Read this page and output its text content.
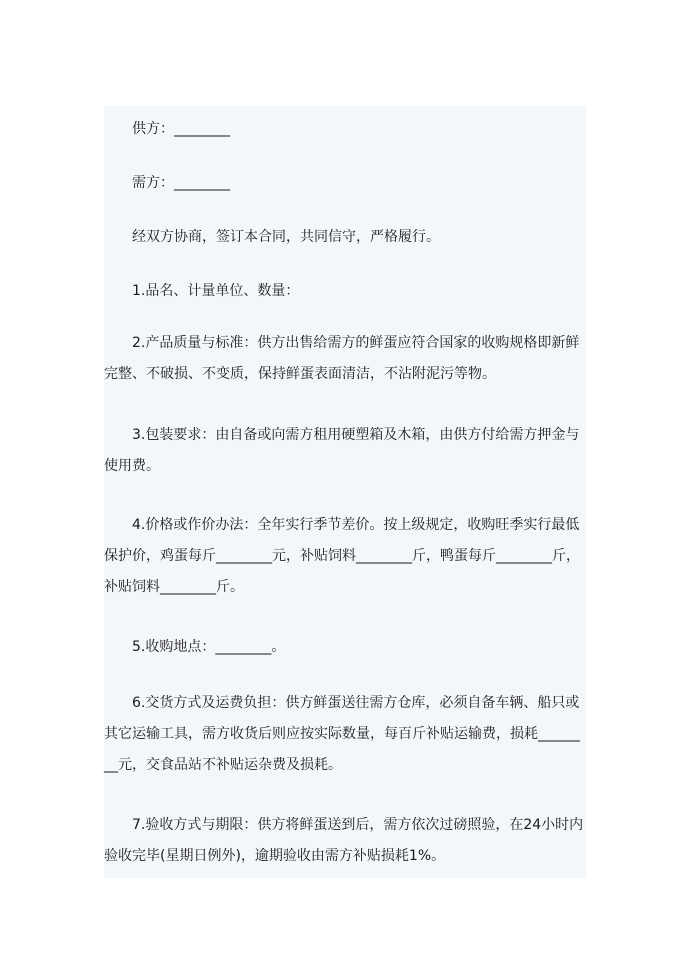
供方：________

需方：________

经双方协商，签订本合同，共同信守，严格履行。

1.品名、计量单位、数量：

2.产品质量与标准：供方出售给需方的鲜蛋应符合国家的收购规格即新鲜完整、不破损、不变质，保持鲜蛋表面清洁，不沾附泥污等物。

3.包装要求：由自备或向需方租用硬塑箱及木箱，由供方付给需方押金与使用费。

4.价格或作价办法：全年实行季节差价。按上级规定，收购旺季实行最低保护价，鸡蛋每斤________元，补贴饲料________斤，鸭蛋每斤________斤，补贴饲料________斤。

5.收购地点：________。

6.交货方式及运费负担：供方鲜蛋送往需方仓库，必须自备车辆、船只或其它运输工具，需方收货后则应按实际数量，每百斤补贴运输费，损耗________元，交食品站不补贴运杂费及损耗。

7.验收方式与期限：供方将鲜蛋送到后，需方依次过磅照验，在24小时内验收完毕(星期日例外)，逾期验收由需方补贴损耗1%。
